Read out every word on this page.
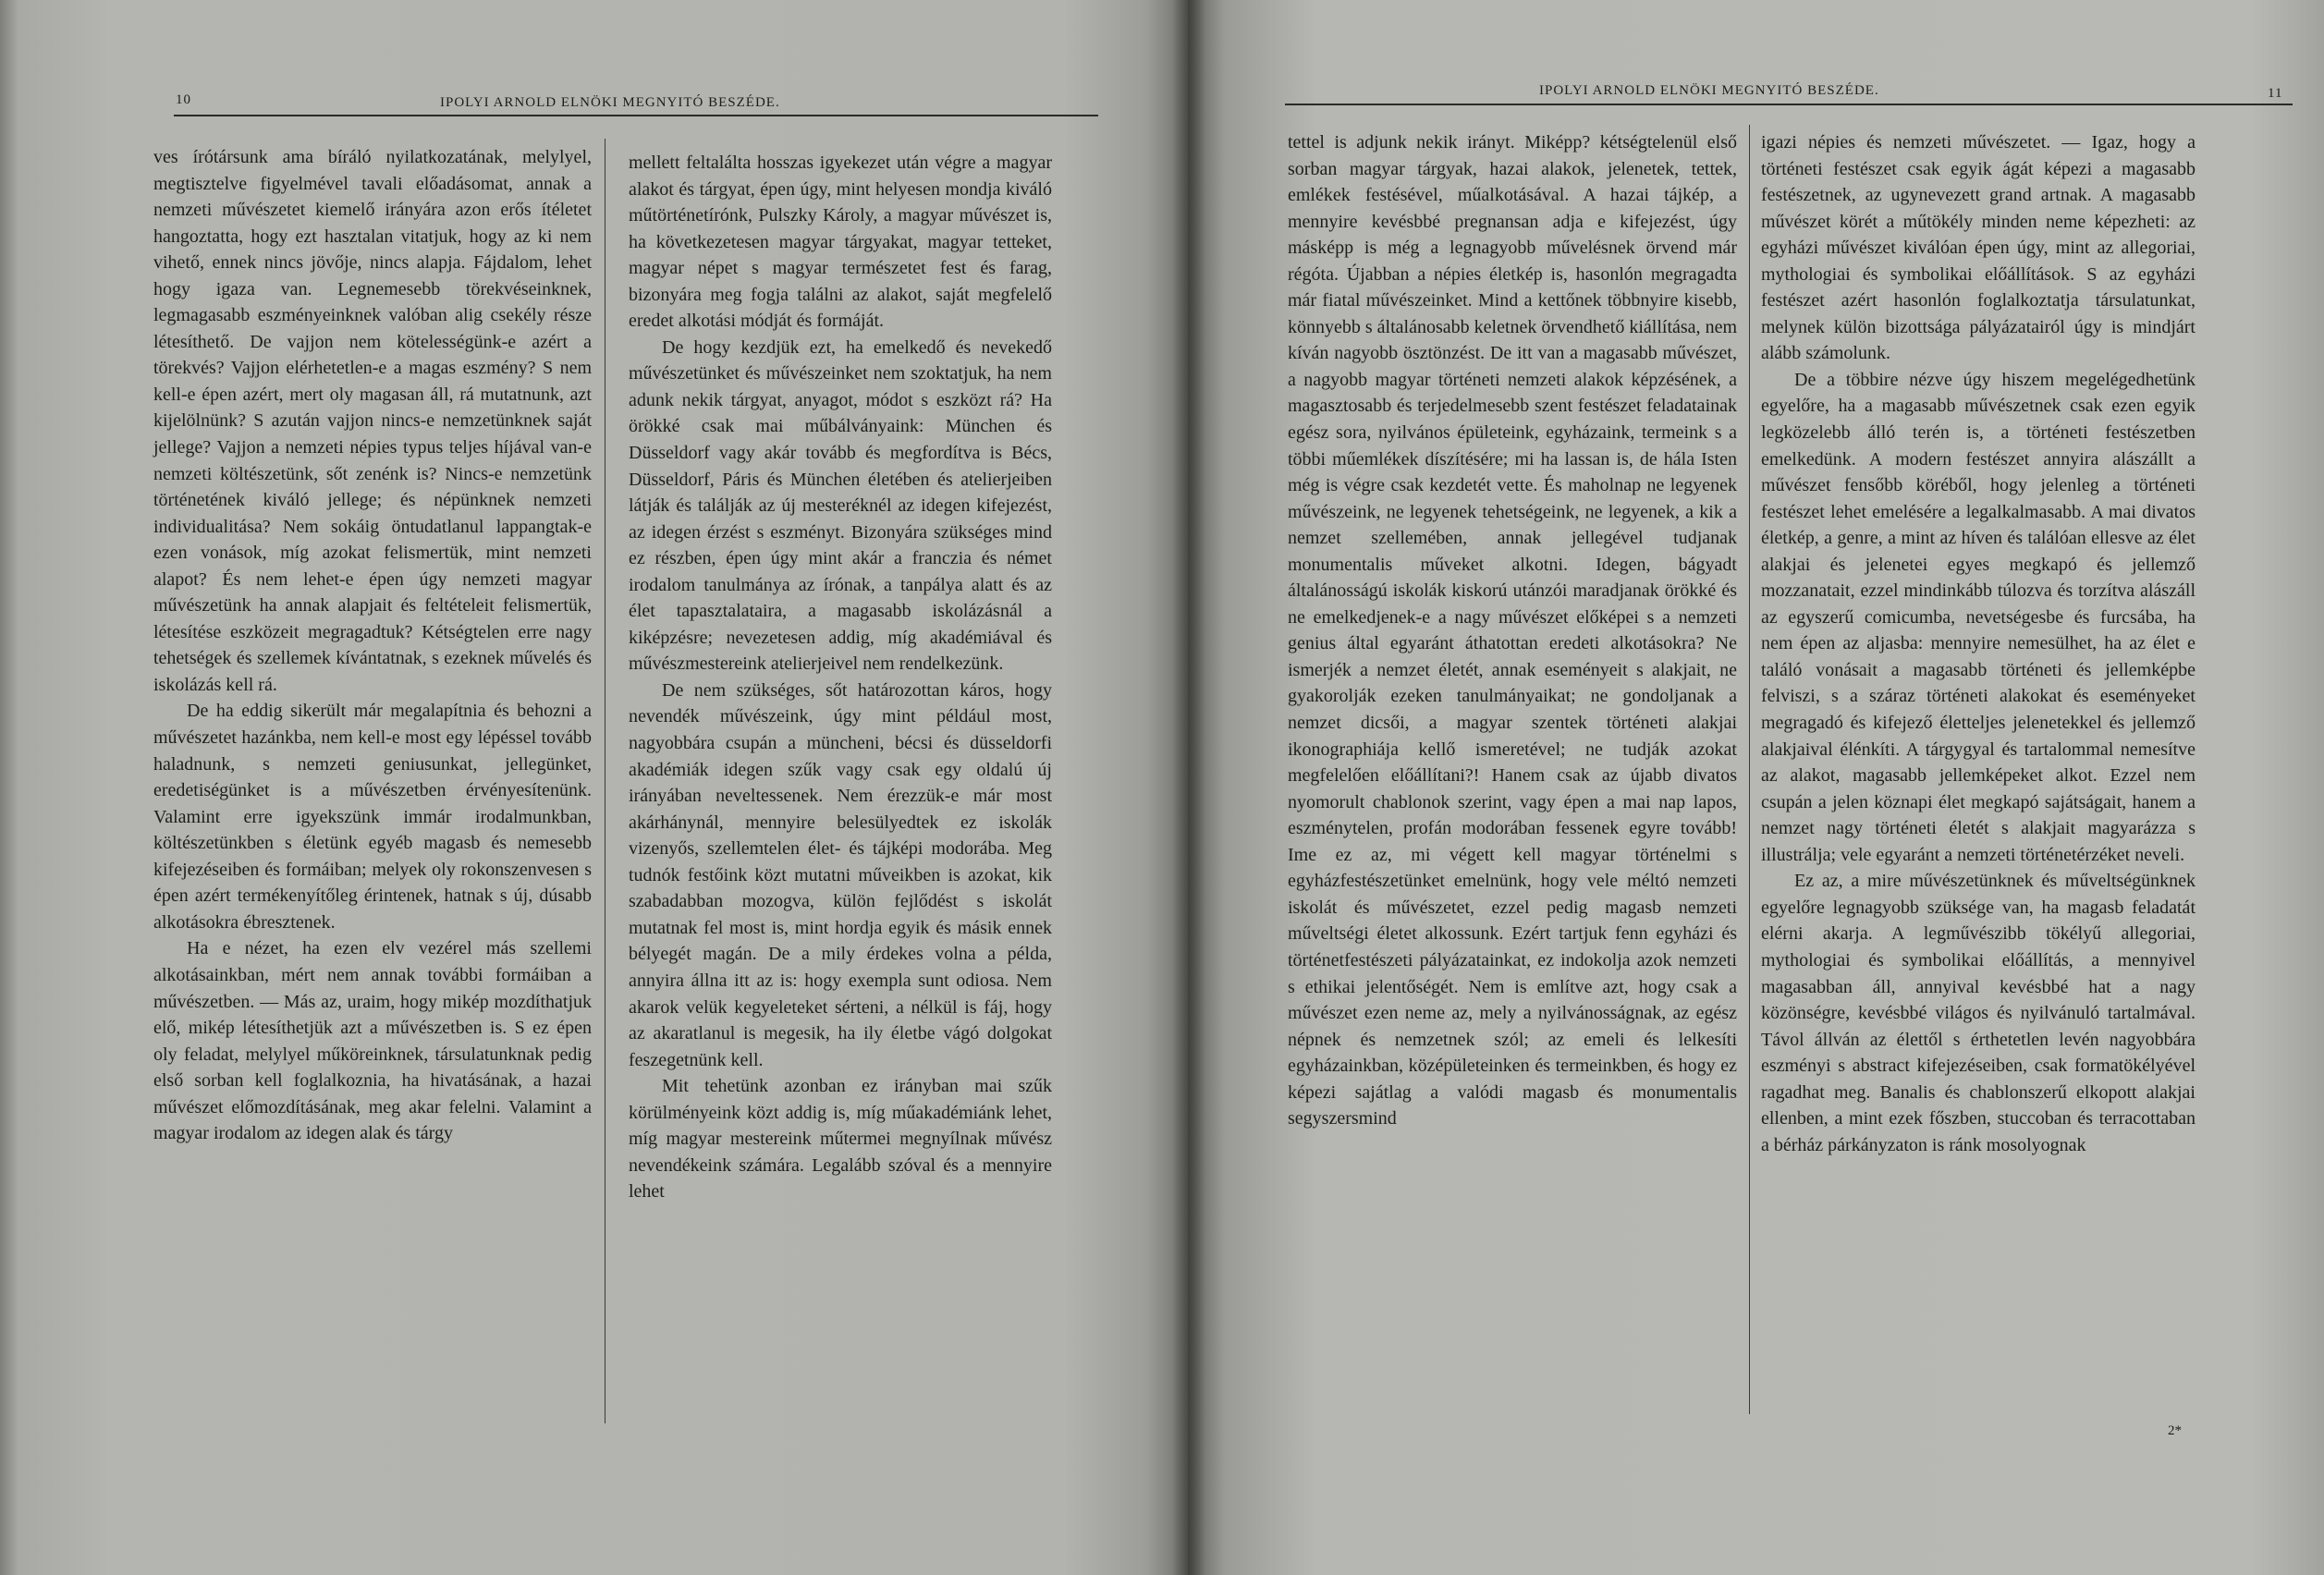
10	IPOLYI ARNOLD ELNÖKI MEGNYITÓ BESZÉDE.

ves írótársunk ama bíráló nyilatkozatának, melylyel, megtisztelve figyelmével tavali előadásomat, annak a nemzeti művészetet kiemelő irányára azon erős ítéletet hangoztatta, hogy ezt hasztalan vitatjuk, hogy az ki nem vihető, ennek nincs jövője, nincs alapja. Fájdalom, lehet hogy igaza van. Legnemesebb törekvéseinknek, legmagasabb eszményeinknek valóban alig csekély része létesíthető. De vajjon nem kötelességünk-e azért a törekvés? Vajjon elérhetetlen-e a magas eszmény? S nem kell-e épen azért, mert oly magasan áll, rá mutatnunk, azt kijelölnünk? S azután vajjon nincs-e nemzetünknek saját jellege? Vajjon a nemzeti népies typus teljes híjával van-e nemzeti költészetünk, sőt zenénk is? Nincs-e nemzetünk történetének kiváló jellege; és népünknek nemzeti individualitása? Nem sokáig öntudatlanul lappangtak-e ezen vonások, míg azokat felismertük, mint nemzeti alapot? És nem lehet-e épen úgy nemzeti magyar művészetünk ha annak alapjait és feltételeit felismertük, létesítése eszközeit megragadtuk? Kétségtelen erre nagy tehetségek és szellemek kívántatnak, s ezeknek művelés és iskolázás kell rá.

De ha eddig sikerült már megalapítnia és behozni a művészetet hazánkba, nem kell-e most egy lépéssel tovább haladnunk, s nemzeti geniusunkat, jellegünket, eredetiségünket is a művészetben érvényesítenünk. Valamint erre igyekszünk immár irodalmunkban, költészetünkben s életünk egyéb magasb és nemesebb kifejezéseiben és formáiban; melyek oly rokonszenvesen s épen azért termékenyítőleg érintenek, hatnak s új, dúsabb alkotásokra ébresztenek.

Ha e nézet, ha ezen elv vezérel más szellemi alkotásainkban, mért nem annak további formáiban a művészetben. — Más az, uraim, hogy mikép mozdíthatjuk elő, mikép létesíthetjük azt a művészetben is. S ez épen oly feladat, melylyel műköreinknek, társulatunknak pedig első sorban kell foglalkoznia, ha hivatásának, a hazai művészet előmozdításának, meg akar felelni. Valamint a magyar irodalom az idegen alak és tárgy

mellett feltalálta hosszas igyekezet után végre a magyar alakot és tárgyat, épen úgy, mint helyesen mondja kiváló műtörténetírónk, Pulszky Károly, a magyar művészet is, ha következetesen magyar tárgyakat, magyar tetteket, magyar népet s magyar természetet fest és farag, bizonyára meg fogja találni az alakot, saját megfelelő eredet alkotási módját és formáját.

De hogy kezdjük ezt, ha emelkedő és nevekedő művészetünket és művészeinket nem szoktatjuk, ha nem adunk nekik tárgyat, anyagot, módot s eszközt rá? Ha örökké csak mai műbálványaink: München és Düsseldorf vagy akár tovább és megfordítva is Bécs, Düsseldorf, Páris és München életében és atelierjeiben látják és találják az új mesteréknél az idegen kifejezést, az idegen érzést s eszményt. Bizonyára szükséges mind ez részben, épen úgy mint akár a franczia és német irodalom tanulmánya az írónak, a tanpálya alatt és az élet tapasztalataira, a magasabb iskolázásnál a kiképzésre; nevezetesen addig, míg akadémiával és művészmestereink atelierjeivel nem rendelkezünk.

De nem szükséges, sőt határozottan káros, hogy nevendék művészeink, úgy mint például most, nagyobbára csupán a müncheni, bécsi és düsseldorfi akadémiák idegen szűk vagy csak egy oldalú új irányában neveltessenek. Nem érezzük-e már most akárhánynál, mennyire belesülyedtek ez iskolák vizenyős, szellemtelen élet- és tájképi modorába. Meg tudnók festőink közt mutatni műveikben is azokat, kik szabadabban mozogva, külön fejlődést s iskolát mutatnak fel most is, mint hordja egyik és másik ennek bélyegét magán. De a mily érdekes volna a példa, annyira állna itt az is: hogy exempla sunt odiosa. Nem akarok velük kegyeleteket sérteni, a nélkül is fáj, hogy az akaratlanul is megesik, ha ily életbe vágó dolgokat feszegetnünk kell.

Mit tehetünk azonban ez irányban mai szűk körülményeink közt addig is, míg műakadémiánk lehet, míg magyar mestereink műtermei megnyílnak művész nevendékeink számára. Legalább szóval és a mennyire lehet

IPOLYI ARNOLD ELNÖKI MEGNYITÓ BESZÉDE.	11

tettel is adjunk nekik irányt. Miképp? kétségtelenül első sorban magyar tárgyak, hazai alakok, jelenetek, tettek, emlékek festésével, műalkotásával. A hazai tájkép, a mennyire kevésbbé pregnansan adja e kifejezést, úgy másképp is még a legnagyobb művelésnek örvend már régóta. Újabban a népies életkép is, hasonlón megragadta már fiatal művészeinket. Mind a kettőnek többnyire kisebb, könnyebb s általánosabb keletnek örvendhető kiállítása, nem kíván nagyobb ösztönzést. De itt van a magasabb művészet, a nagyobb magyar történeti nemzeti alakok képzésének, a magasztosabb és terjedelmesebb szent festészet feladatainak egész sora, nyilvános épületeink, egyházaink, termeink s a többi műemlékek díszítésére; mi ha lassan is, de hála Isten még is végre csak kezdetét vette. És maholnap ne legyenek művészeink, ne legyenek tehetségeink, ne legyenek, a kik a nemzet szellemében, annak jellegével tudjanak monumentalis műveket alkotni. Idegen, bágyadt általánosságú iskolák kiskorú utánzói maradjanak örökké és ne emelkedjenek-e a nagy művészet előképei s a nemzeti genius által egyaránt áthatottan eredeti alkotásokra? Ne ismerjék a nemzet életét, annak eseményeit s alakjait, ne gyakorolják ezeken tanulmányaikat; ne gondoljanak a nemzet dicsői, a magyar szentek történeti alakjai ikonographiája kellő ismeretével; ne tudják azokat megfelelően előállítani?! Hanem csak az újabb divatos nyomorult chablonok szerint, vagy épen a mai nap lapos, eszménytelen, profán modorában fessenek egyre tovább! Ime ez az, mi végett kell magyar történelmi s egyházfestészetünket emelnünk, hogy vele méltó nemzeti iskolát és művészetet, ezzel pedig magasb nemzeti műveltségi életet alkossunk. Ezért tartjuk fenn egyházi és történetfestészeti pályázatainkat, ez indokolja azok nemzeti s ethikai jelentőségét. Nem is említve azt, hogy csak a művészet ezen neme az, mely a nyilvánosságnak, az egész népnek és nemzetnek szól; az emeli és lelkesíti egyházainkban, középületeinken és termeinkben, és hogy ez képezi sajátlag a valódi magasb és monumentalis segyszersmind

igazi népies és nemzeti művészetet. — Igaz, hogy a történeti festészet csak egyik ágát képezi a magasabb festészetnek, az ugynevezett grand artnak. A magasabb művészet körét a műtökély minden neme képezheti: az egyházi művészet kiválóan épen úgy, mint az allegoriai, mythologiai és symbolikai előállítások. S az egyházi festészet azért hasonlón foglalkoztatja társulatunkat, melynek külön bizottsága pályázatairól úgy is mindjárt alább számolunk.

De a többire nézve úgy hiszem megelégedhetünk egyelőre, ha a magasabb művészetnek csak ezen egyik legközelebb álló terén is, a történeti festészetben emelkedünk. A modern festészet annyira alászállt a művészet fensőbb köréből, hogy jelenleg a történeti festészet lehet emelésére a legalkalmasabb. A mai divatos életkép, a genre, a mint az híven és találóan ellesve az élet alakjai és jelenetei egyes megkapó és jellemző mozzanatait, ezzel mindinkább túlozva és torzítva alászáll az egyszerű comicumba, nevetségesbe és furcsába, ha nem épen az aljasba: mennyire nemesülhet, ha az élet e találó vonásait a magasabb történeti és jellemképbe felviszi, s a száraz történeti alakokat és eseményeket megragadó és kifejező életteljes jelenetekkel és jellemző alakjaival élénkíti. A tárgygyal és tartalommal nemesítve az alakot, magasabb jellemképeket alkot. Ezzel nem csupán a jelen köznapi élet megkapó sajátságait, hanem a nemzet nagy történeti életét s alakjait magyarázza s illustrálja; vele egyaránt a nemzeti történetérzéket neveli.

Ez az, a mire művészetünknek és műveltségünknek egyelőre legnagyobb szüksége van, ha magasb feladatát elérni akarja. A legművészibb tökélyű allegoriai, mythologiai és symbolikai előállítás, a mennyivel magasabban áll, annyival kevésbbé hat a nagy közönségre, kevésbbé világos és nyilvánuló tartalmával. Távol állván az élettől s érthetetlen levén nagyobbára eszményi s abstract kifejezéseiben, csak formatökélyével ragadhat meg. Banalis és chablonszerű elkopott alakjai ellenben, a mint ezek főszben, stuccoban és terracottaban a bérház párkányzaton is ránk mosolyognak

2*
